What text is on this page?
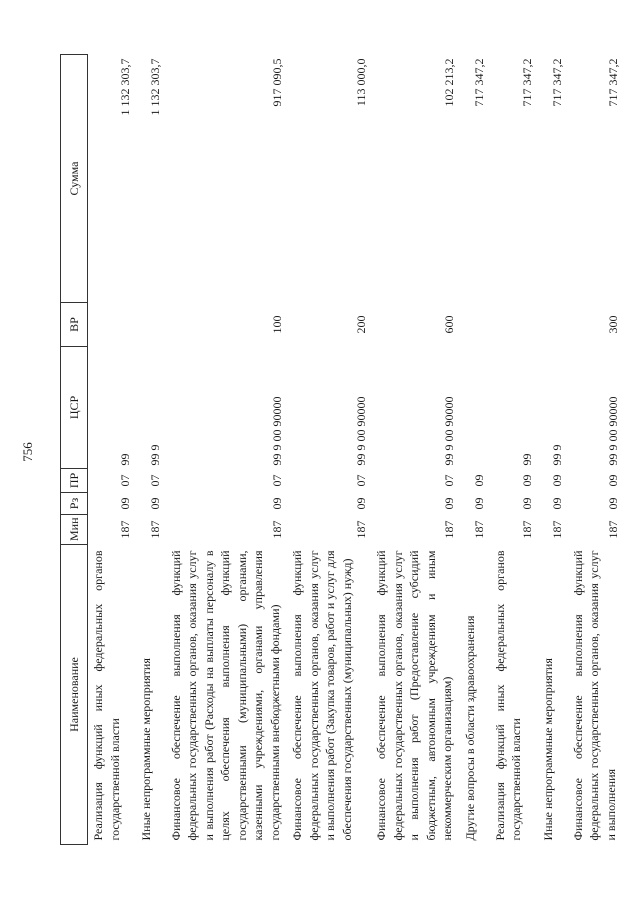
756
Наименование	Мин	Рз	ПР	ЦСР	ВР	Сумма
Реализация функций иных федеральных органов государственной власти	187	09	07	99		1 132 303,7
Иные непрограммные мероприятия	187	09	07	99 9		1 132 303,7
Финансовое обеспечение выполнения функций федеральных государственных органов, оказания услуг и выполнения работ (Расходы на выплаты персоналу в целях обеспечения выполнения функций государственными (муниципальными) органами, казенными учреждениями, органами управления государственными внебюджетными фондами)	187	09	07	99 9 00 90000	100	917 090,5
Финансовое обеспечение выполнения функций федеральных государственных органов, оказания услуг и выполнения работ (Закупка товаров, работ и услуг для обеспечения государственных (муниципальных) нужд)	187	09	07	99 9 00 90000	200	113 000,0
Финансовое обеспечение выполнения функций федеральных государственных органов, оказания услуг и выполнения работ (Предоставление субсидий бюджетным, автономным учреждениям и иным некоммерческим организациям)	187	09	07	99 9 00 90000	600	102 213,2
Другие вопросы в области здравоохранения	187	09	09			717 347,2
Реализация функций иных федеральных органов государственной власти	187	09	09	99		717 347,2
Иные непрограммные мероприятия	187	09	09	99 9		717 347,2
Финансовое обеспечение выполнения функций федеральных государственных органов, оказания услуг и выполнения	187	09	09	99 9 00 90000	300	717 347,2
